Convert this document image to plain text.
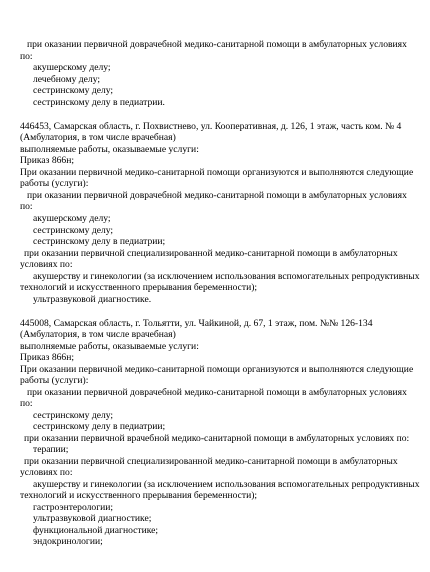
при оказании первичной доврачебной медико-санитарной помощи в амбулаторных условиях
по:
акушерскому делу;
лечебному делу;
сестринскому делу;
сестринскому делу в педиатрии.
446453, Самарская область, г. Похвистнево, ул. Кооперативная, д. 126, 1 этаж, часть ком. № 4
(Амбулатория, в том числе врачебная)
выполняемые работы, оказываемые услуги:
Приказ 866н;
При оказании первичной медико-санитарной помощи организуются и выполняются следующие
работы (услуги):
при оказании первичной доврачебной медико-санитарной помощи в амбулаторных условиях
по:
акушерскому делу;
сестринскому делу;
сестринскому делу в педиатрии;
при оказании первичной специализированной медико-санитарной помощи в амбулаторных
условиях по:
акушерству и гинекологии (за исключением использования вспомогательных репродуктивных
технологий и искусственного прерывания беременности);
ультразвуковой диагностике.
445008, Самарская область, г. Тольятти, ул. Чайкиной, д. 67, 1 этаж, пом. №№ 126-134
(Амбулатория, в том числе врачебная)
выполняемые работы, оказываемые услуги:
Приказ 866н;
При оказании первичной медико-санитарной помощи организуются и выполняются следующие
работы (услуги):
при оказании первичной доврачебной медико-санитарной помощи в амбулаторных условиях
по:
сестринскому делу;
сестринскому делу в педиатрии;
при оказании первичной врачебной медико-санитарной помощи в амбулаторных условиях по:
терапии;
при оказании первичной специализированной медико-санитарной помощи в амбулаторных
условиях по:
акушерству и гинекологии (за исключением использования вспомогательных репродуктивных
технологий и искусственного прерывания беременности);
гастроэнтерологии;
ультразвуковой диагностике;
функциональной диагностике;
эндокринологии;
